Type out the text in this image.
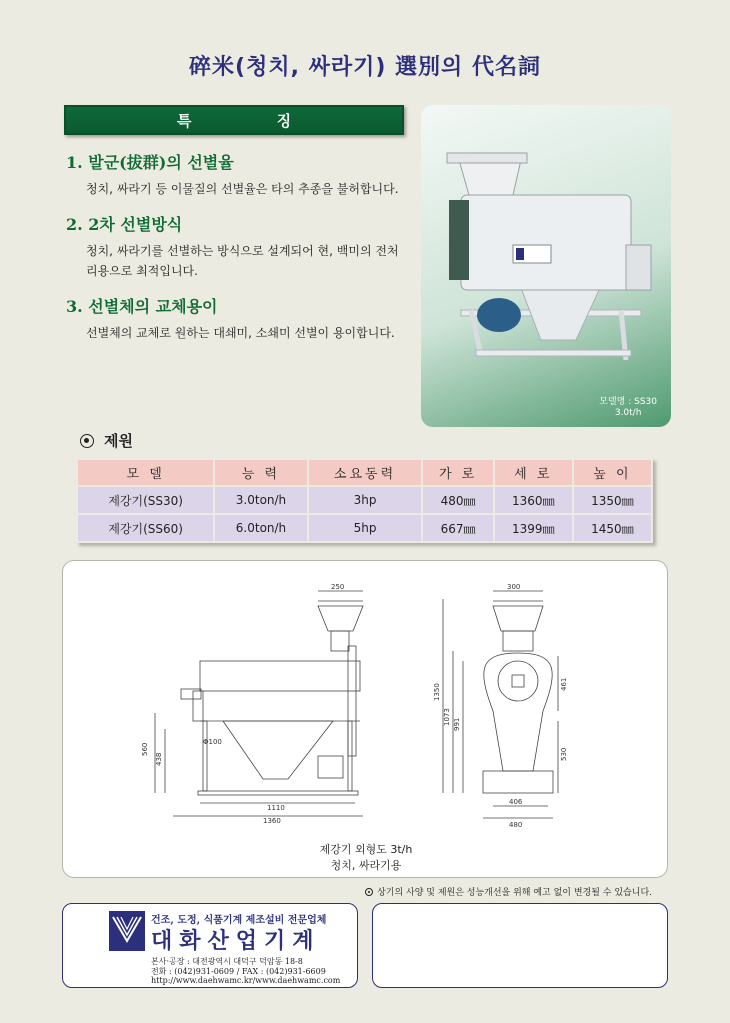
碎米(청치, 싸라기) 選別의 代名詞
특 징
1. 발군(拔群)의 선별율

청치, 싸라기 등 이물질의 선별율은 타의 추종을 불허합니다.

2. 2차 선별방식

청치, 싸라기를 선별하는 방식으로 설계되어 현, 백미의 전처

리용으로 최적입니다.

3. 선별체의 교체용이

선별체의 교체로 원하는 대쇄미, 소쇄미 선별이 용이합니다.

모델명 : SS30
3.0t/h
제원
모 델	능 력	소요동력	가 로	세 로	높 이
제강기(SS30)	3.0ton/h	3hp	480㎜	1360㎜	1350㎜
제강기(SS60)	6.0ton/h	5hp	667㎜	1399㎜	1450㎜
250
560
438
Φ100
1110
1360
300
1350
1073 991
461
530
406
480
제강기 외형도 3t/h
청치, 싸라기용
상기의 사양 및 제원은 성능개선을 위해 예고 없이 변경될 수 있습니다.
건조, 도정, 식품기계 제조설비 전문업체
대화산업기계
본사·공장 : 대전광역시 대덕구 덕암동 18-8
전화 : (042)931-0609 / FAX : (042)931-6609
http://www.daehwamc.kr/www.daehwamc.com
